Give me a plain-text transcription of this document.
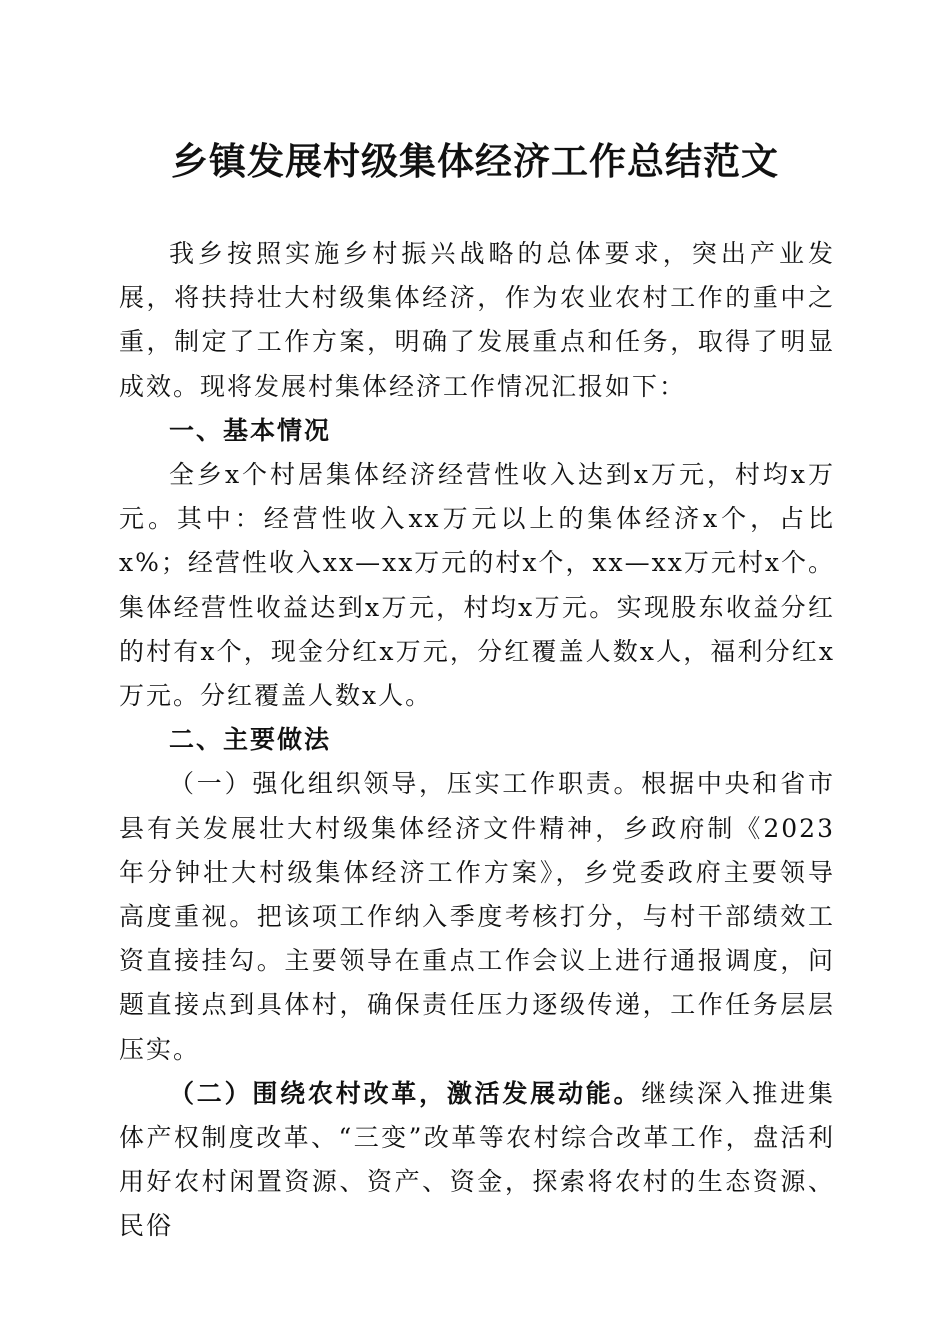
乡镇发展村级集体经济工作总结范文

我乡按照实施乡村振兴战略的总体要求，突出产业发展，将扶持壮大村级集体经济，作为农业农村工作的重中之重，制定了工作方案，明确了发展重点和任务，取得了明显成效。现将发展村集体经济工作情况汇报如下：

一、基本情况

全乡x个村居集体经济经营性收入达到x万元，村均x万元。其中：经营性收入xx万元以上的集体经济x个，占比x%；经营性收入xx—xx万元的村x个，xx—xx万元村x个。集体经营性收益达到x万元，村均x万元。实现股东收益分红的村有x个，现金分红x万元，分红覆盖人数x人，福利分红x万元。分红覆盖人数x人。

二、主要做法

（一）强化组织领导，压实工作职责。根据中央和省市县有关发展壮大村级集体经济文件精神，乡政府制《2023年分钟壮大村级集体经济工作方案》，乡党委政府主要领导高度重视。把该项工作纳入季度考核打分，与村干部绩效工资直接挂勾。主要领导在重点工作会议上进行通报调度，问题直接点到具体村，确保责任压力逐级传递，工作任务层层压实。

（二）围绕农村改革，激活发展动能。继续深入推进集体产权制度改革、“三变”改革等农村综合改革工作，盘活利用好农村闲置资源、资产、资金，探索将农村的生态资源、民俗
